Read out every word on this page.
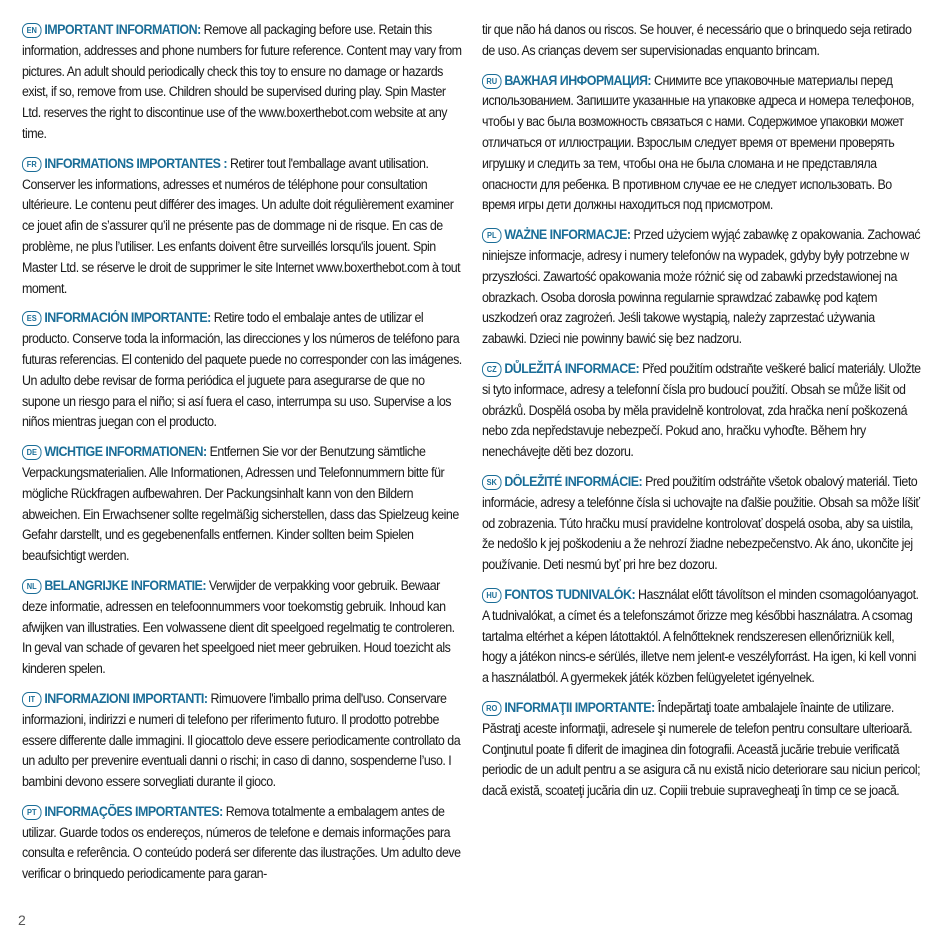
EN IMPORTANT INFORMATION: Remove all packaging before use. Retain this information, addresses and phone numbers for future reference. Content may vary from pictures. An adult should periodically check this toy to ensure no damage or hazards exist, if so, remove from use. Children should be supervised during play. Spin Master Ltd. reserves the right to discontinue use of the www.boxerthebot.com website at any time.

FR INFORMATIONS IMPORTANTES : Retirer tout l'emballage avant utilisation. Conserver les informations, adresses et numéros de téléphone pour consultation ultérieure. Le contenu peut différer des images. Un adulte doit régulièrement examiner ce jouet afin de s’assurer qu’il ne présente pas de dommage ni de risque. En cas de problème, ne plus l’utiliser. Les enfants doivent être surveillés lorsqu'ils jouent. Spin Master Ltd. se réserve le droit de supprimer le site Internet www.boxerthebot.com à tout moment.

ES INFORMACIÓN IMPORTANTE: Retire todo el embalaje antes de utilizar el producto. Conserve toda la información, las direcciones y los números de teléfono para futuras referencias. El contenido del paquete puede no corresponder con las imágenes. Un adulto debe revisar de forma periódica el juguete para asegurarse de que no supone un riesgo para el niño; si así fuera el caso, interrumpa su uso. Supervise a los niños mientras juegan con el producto.

DE WICHTIGE INFORMATIONEN: Entfernen Sie vor der Benutzung sämtliche Verpackungsmaterialien. Alle Informationen, Adressen und Telefonnummern bitte für mögliche Rückfragen aufbewahren. Der Packungsinhalt kann von den Bildern abweichen. Ein Erwachsener sollte regelmäßig sicherstellen, dass das Spielzeug keine Gefahr darstellt, und es gegebenenfalls entfernen. Kinder sollten beim Spielen beaufsichtigt werden.

NL BELANGRIJKE INFORMATIE: Verwijder de verpakking voor gebruik. Bewaar deze informatie, adressen en telefoonnummers voor toekomstig gebruik. Inhoud kan afwijken van illustraties. Een volwassene dient dit speelgoed regelmatig te controleren. In geval van schade of gevaren het speelgoed niet meer gebruiken. Houd toezicht als kinderen spelen.

IT INFORMAZIONI IMPORTANTI: Rimuovere l'imballo prima dell'uso. Conservare informazioni, indirizzi e numeri di telefono per riferimento futuro. Il prodotto potrebbe essere differente dalle immagini. Il giocattolo deve essere periodicamente controllato da un adulto per prevenire eventuali danni o rischi; in caso di danno, sospenderne l’uso. I bambini devono essere sorvegliati durante il gioco.

PT INFORMAÇÕES IMPORTANTES: Remova totalmente a embalagem antes de utilizar. Guarde todos os endereços, números de telefone e demais informações para consulta e referência. O conteúdo poderá ser diferente das ilustrações. Um adulto deve verificar o brinquedo periodicamente para garan-

tir que não há danos ou riscos. Se houver, é necessário que o brinquedo seja retirado de uso. As crianças devem ser supervisionadas enquanto brincam.

RU ВАЖНАЯ ИНФОРМАЦИЯ: Снимите все упаковочные материалы перед использованием. Запишите указанные на упаковке адреса и номера телефонов, чтобы у вас была возможность связаться с нами. Содержимое упаковки может отличаться от иллюстрации. Взрослым следует время от времени проверять игрушку и следить за тем, чтобы она не была сломана и не представляла опасности для ребенка. В противном случае ее не следует использовать. Во время игры дети должны находиться под присмотром.

PL WAŻNE INFORMACJE: Przed użyciem wyjąć zabawkę z opakowania. Zachować niniejsze informacje, adresy i numery telefonów na wypadek, gdyby były potrzebne w przyszłości. Zawartość opakowania może różnić się od zabawki przedstawionej na obrazkach. Osoba dorosła powinna regularnie sprawdzać zabawkę pod kątem uszkodzeń oraz zagrożeń. Jeśli takowe wystąpią, należy zaprzestać używania zabawki. Dzieci nie powinny bawić się bez nadzoru.

CZ DŮLEŽITÁ INFORMACE: Před použitím odstraňte veškeré balicí materiály. Uložte si tyto informace, adresy a telefonní čísla pro budoucí použití. Obsah se může lišit od obrázků. Dospělá osoba by měla pravidelně kontrolovat, zda hračka není poškozená nebo zda nepředstavuje nebezpečí. Pokud ano, hračku vyhoďte. Během hry nenechávejte děti bez dozoru.

SK DÔLEŽITÉ INFORMÁCIE: Pred použitím odstráňte všetok obalový materiál. Tieto informácie, adresy a telefónne čísla si uchovajte na ďalšie použitie. Obsah sa môže líšiť od zobrazenia. Túto hračku musí pravidelne kontrolovať dospelá osoba, aby sa uistila, že nedošlo k jej poškodeniu a že nehrozí žiadne nebezpečenstvo. Ak áno, ukončite jej používanie. Deti nesmú byť pri hre bez dozoru.

HU FONTOS TUDNIVALÓK: Használat előtt távolítson el minden csomagolóanyagot. A tudnivalókat, a címet és a telefonszámot őrizze meg későbbi használatra. A csomag tartalma eltérhet a képen látottaktól. A felnőtteknek rendszeresen ellenőrizniük kell, hogy a játékon nincs-e sérülés, illetve nem jelent-e veszélyforrást. Ha igen, ki kell vonni a használatból. A gyermekek játék közben felügyeletet igényelnek.

RO INFORMAŢII IMPORTANTE: Îndepărtaţi toate ambalajele înainte de utilizare. Păstraţi aceste informaţii, adresele şi numerele de telefon pentru consultare ulterioară. Conţinutul poate fi diferit de imaginea din fotografii. Această jucărie trebuie verificată periodic de un adult pentru a se asigura că nu există nicio deteriorare sau niciun pericol; dacă există, scoateţi jucăria din uz. Copiii trebuie supravegheaţi în timp ce se joacă.

2
